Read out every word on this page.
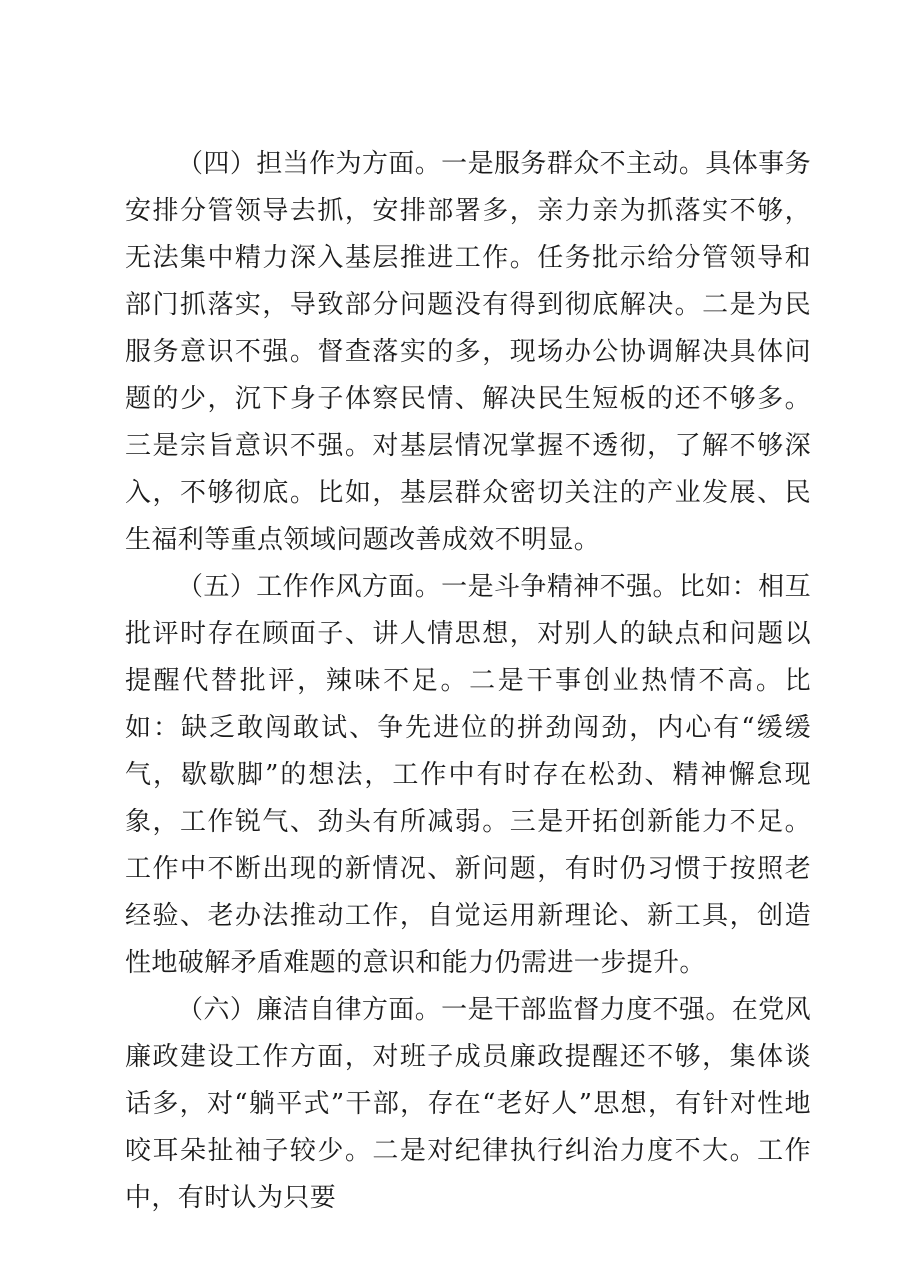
（四）担当作为方面。一是服务群众不主动。具体事务安排分管领导去抓，安排部署多，亲力亲为抓落实不够，无法集中精力深入基层推进工作。任务批示给分管领导和部门抓落实，导致部分问题没有得到彻底解决。二是为民服务意识不强。督查落实的多，现场办公协调解决具体问题的少，沉下身子体察民情、解决民生短板的还不够多。三是宗旨意识不强。对基层情况掌握不透彻，了解不够深入，不够彻底。比如，基层群众密切关注的产业发展、民生福利等重点领域问题改善成效不明显。

（五）工作作风方面。一是斗争精神不强。比如：相互批评时存在顾面子、讲人情思想，对别人的缺点和问题以提醒代替批评，辣味不足。二是干事创业热情不高。比如：缺乏敢闯敢试、争先进位的拼劲闯劲，内心有“缓缓气，歇歇脚”的想法，工作中有时存在松劲、精神懈怠现象，工作锐气、劲头有所减弱。三是开拓创新能力不足。工作中不断出现的新情况、新问题，有时仍习惯于按照老经验、老办法推动工作，自觉运用新理论、新工具，创造性地破解矛盾难题的意识和能力仍需进一步提升。

（六）廉洁自律方面。一是干部监督力度不强。在党风廉政建设工作方面，对班子成员廉政提醒还不够，集体谈话多，对“躺平式”干部，存在“老好人”思想，有针对性地咬耳朵扯袖子较少。二是对纪律执行纠治力度不大。工作中，有时认为只要
